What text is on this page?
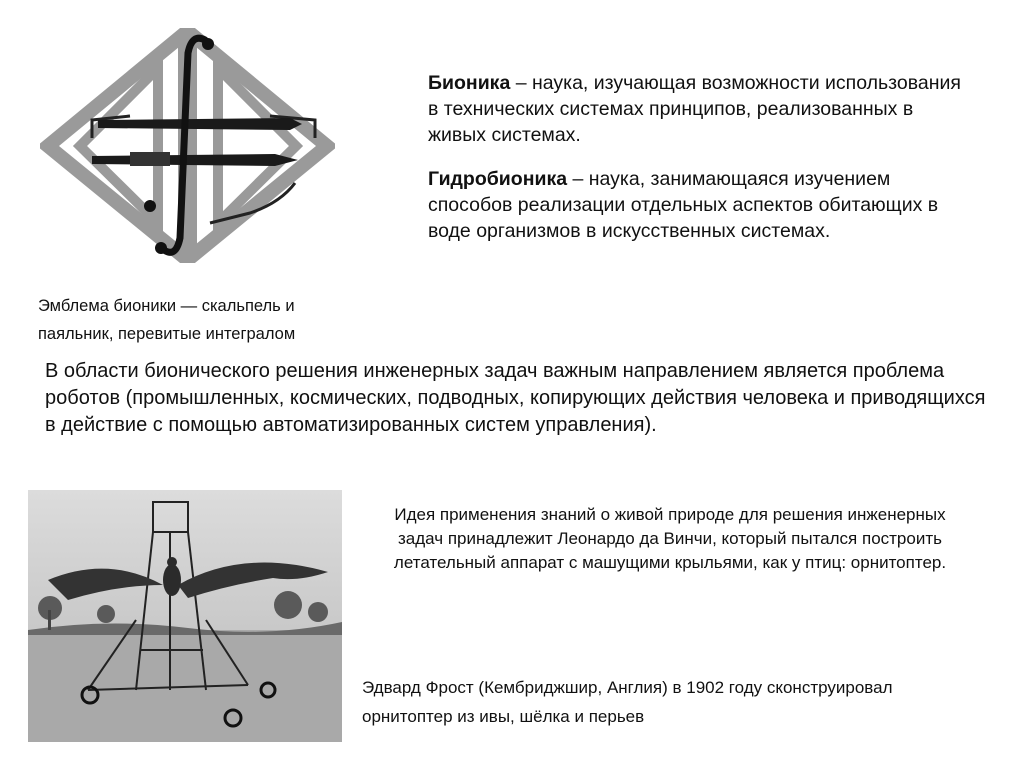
Эмблема бионики — скальпель и
паяльник, перевитые интегралом

Бионика – наука, изучающая возможности использования в технических системах принципов, реализованных в живых системах.

Гидробионика – наука, занимающаяся изучением способов реализации отдельных аспектов обитающих в воде организмов в искусственных системах.

В области бионического решения инженерных задач важным направлением является проблема роботов (промышленных, космических, подводных, копирующих действия человека и приводящихся в действие с помощью автоматизированных систем управления).

Идея применения знаний о живой природе для решения инженерных задач принадлежит Леонардо да Винчи, который пытался построить летательный аппарат с машущими крыльями, как у птиц: орнитоптер.

Эдвард Фрост (Кембриджшир, Англия) в 1902 году сконструировал
орнитоптер из ивы, шёлка и перьев
